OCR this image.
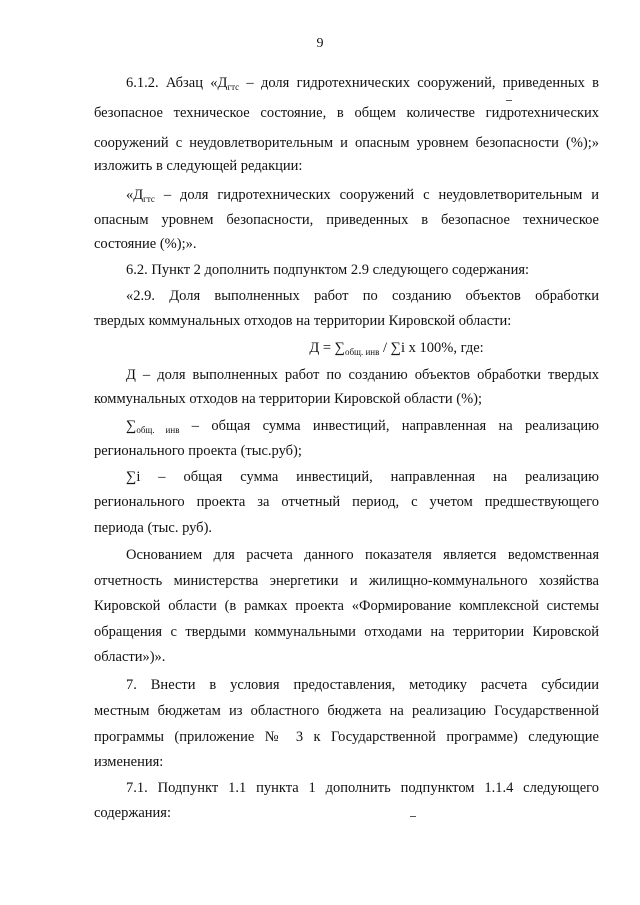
9
6.1.2. Абзац «$Д_{гтс}$ – доля гидротехнических сооружений, приведенных в
безопасное техническое состояние, в общем количестве гидротехнических
сооружений с неудовлетворительным и опасным уровнем безопасности (%);»
изложить в следующей редакции:
«$Д_{гтс}$ – доля гидротехнических сооружений с неудовлетворительным и
опасным уровнем безопасности, приведенных в безопасное техническое
состояние (%);».
6.2. Пункт 2 дополнить подпунктом 2.9 следующего содержания:
«2.9. Доля выполненных работ по созданию объектов обработки
твердых коммунальных отходов на территории Кировской области:
$Д = \sum_{общ. инв} / \sum i$ x 100%, где:
Д – доля выполненных работ по созданию объектов обработки твердых
коммунальных отходов на территории Кировской области (%);
$\sum_{общ. инв}$ – общая сумма инвестиций, направленная на реализацию
регионального проекта (тыс.руб);
∑i – общая сумма инвестиций, направленная на реализацию
регионального проекта за отчетный период, с учетом предшествующего
периода (тыс. руб).
Основанием для расчета данного показателя является ведомственная
отчетность министерства энергетики и жилищно-коммунального хозяйства
Кировской области (в рамках проекта «Формирование комплексной системы
обращения с твердыми коммунальными отходами на территории Кировской
области»)».
7. Внести в условия предоставления, методику расчета субсидии
местным бюджетам из областного бюджета на реализацию Государственной
программы (приложение № 3 к Государственной программе) следующие
изменения:
7.1. Подпункт 1.1 пункта 1 дополнить подпунктом 1.1.4 следующего
содержания:
